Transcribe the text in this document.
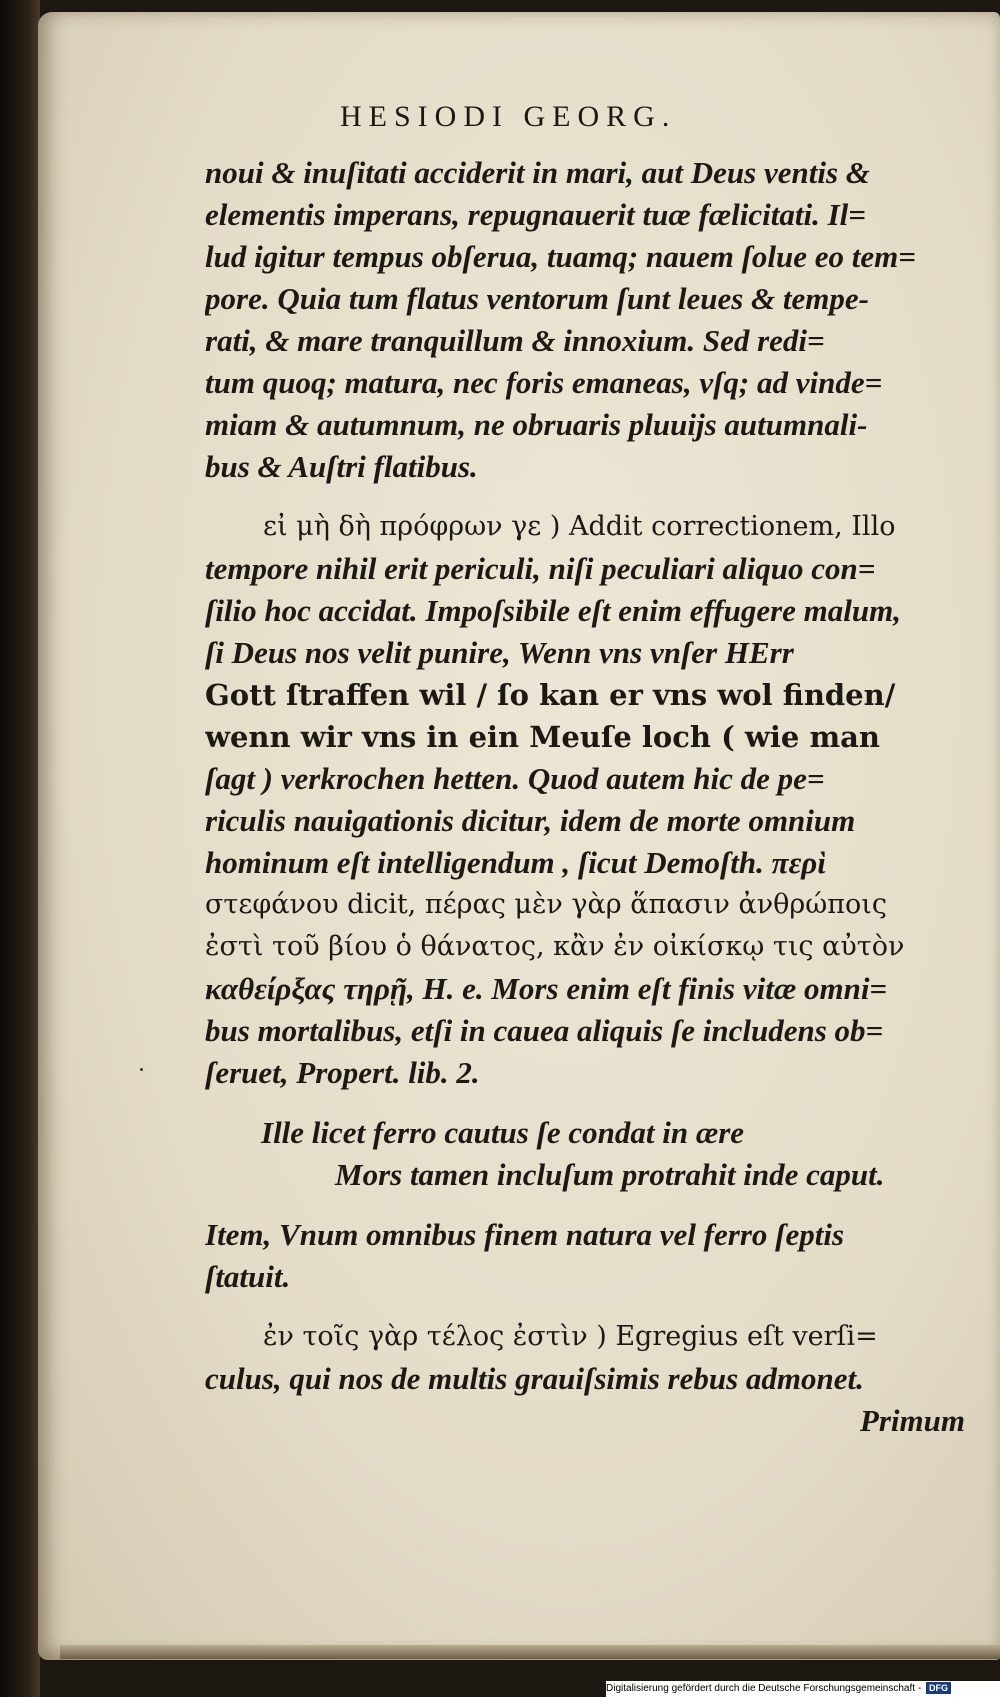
HESIODI GEORG.
noui & inuſitati acciderit in mari, aut Deus ventis &
elementis imperans, repugnauerit tuæ fælicitati. Il=
lud igitur tempus obſerua, tuamq; nauem ſolue eo tem=
pore. Quia tum flatus ventorum ſunt leues & tempe-
rati, & mare tranquillum & innoxium. Sed redi=
tum quoq; matura, nec foris emaneas, vſq; ad vinde=
miam & autumnum, ne obruaris pluuijs autumnali-
bus & Auſtri flatibus.
εἰ μὴ δὴ πρόφρων γε ) Addit correctionem, Illo
tempore nihil erit periculi, niſi peculiari aliquo con=
ſilio hoc accidat. Impoſsibile eſt enim effugere malum,
ſi Deus nos velit punire, Wenn vns vnſer HErr
Gott ſtraffen wil / ſo kan er vns wol finden/
wenn wir vns in ein Meuſe loch ( wie man
ſagt ) verkrochen hetten. Quod autem hic de pe=
riculis nauigationis dicitur, idem de morte omnium
hominum eſt intelligendum , ſicut Demoſth. περὶ
στεφάνου dicit, πέρας μὲν γὰρ ἅπασιν ἀνθρώποις
ἐστὶ τοῦ βίου ὁ θάνατος, κἂν ἐν οἰκίσκῳ τις αὐτὸν
καθείρξας τηρῇ, H. e. Mors enim eſt finis vitæ omni=
bus mortalibus, etſi in cauea aliquis ſe includens ob=
ſeruet, Propert. lib. 2.
Ille licet ferro cautus ſe condat in ære
Mors tamen incluſum protrahit inde caput.
Item, Vnum omnibus finem natura vel ferro ſeptis
ſtatuit.
ἐν τοῖς γὰρ τέλος ἐστὶν ) Egregius eſt verſi=
culus, qui nos de multis grauiſsimis rebus admonet.
Primum
Digitalisierung gefördert durch die Deutsche Forschungsgemeinschaft - DFG
